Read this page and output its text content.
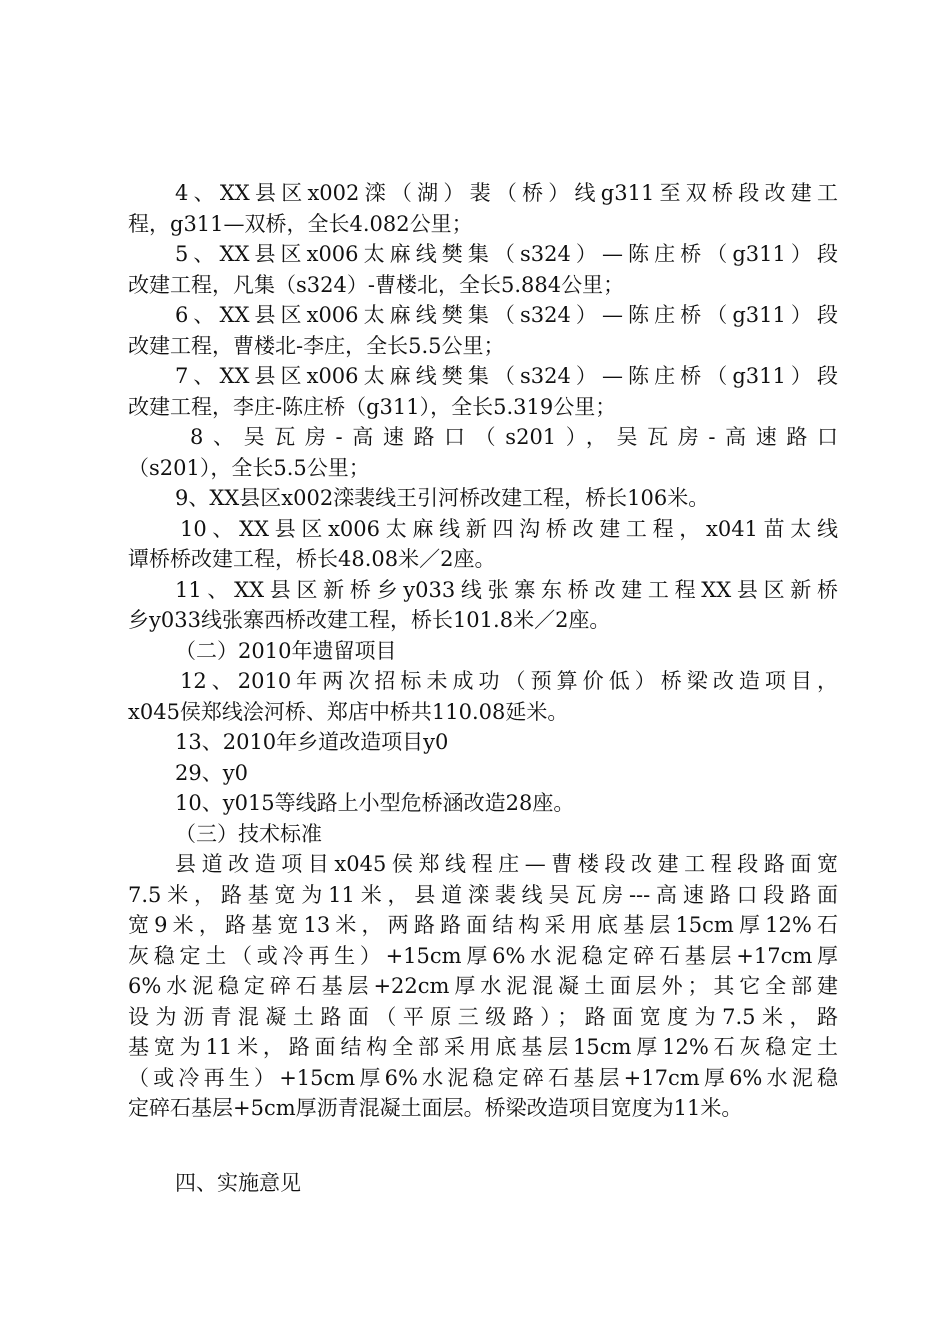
4、XX县区x002滦（湖）裴（桥）线g311至双桥段改建工
程，g311—双桥，全长4.082公里；
5、XX县区x006太麻线樊集（s324）—陈庄桥（g311）段
改建工程，凡集（s324）-曹楼北，全长5.884公里；
6、XX县区x006太麻线樊集（s324）—陈庄桥（g311）段
改建工程，曹楼北-李庄，全长5.5公里；
7、XX县区x006太麻线樊集（s324）—陈庄桥（g311）段
改建工程，李庄-陈庄桥（g311），全长5.319公里；
8、吴瓦房-高速路口（s201），吴瓦房-高速路口
（s201），全长5.5公里；
9、XX县区x002滦裴线王引河桥改建工程，桥长106米。
10、XX县区x006太麻线新四沟桥改建工程，x041苗太线
谭桥桥改建工程，桥长48.08米／2座。
11、XX县区新桥乡y033线张寨东桥改建工程XX县区新桥
乡y033线张寨西桥改建工程，桥长101.8米／2座。
（二）2010年遗留项目
12、2010年两次招标未成功（预算价低）桥梁改造项目，
x045侯郑线浍河桥、郑店中桥共110.08延米。
13、2010年乡道改造项目y0
29、y0
10、y015等线路上小型危桥涵改造28座。
（三）技术标准
县道改造项目x045侯郑线程庄—曹楼段改建工程段路面宽
7.5米，路基宽为11米，县道滦裴线吴瓦房---高速路口段路面
宽9米，路基宽13米，两路路面结构采用底基层15cm厚12%石
灰稳定土（或冷再生）+15cm厚6%水泥稳定碎石基层+17cm厚
6%水泥稳定碎石基层+22cm厚水泥混凝土面层外；其它全部建
设为沥青混凝土路面（平原三级路）；路面宽度为7.5米，路
基宽为11米，路面结构全部采用底基层15cm厚12%石灰稳定土
（或冷再生）+15cm厚6%水泥稳定碎石基层+17cm厚6%水泥稳
定碎石基层+5cm厚沥青混凝土面层。桥梁改造项目宽度为11米。
四、实施意见
